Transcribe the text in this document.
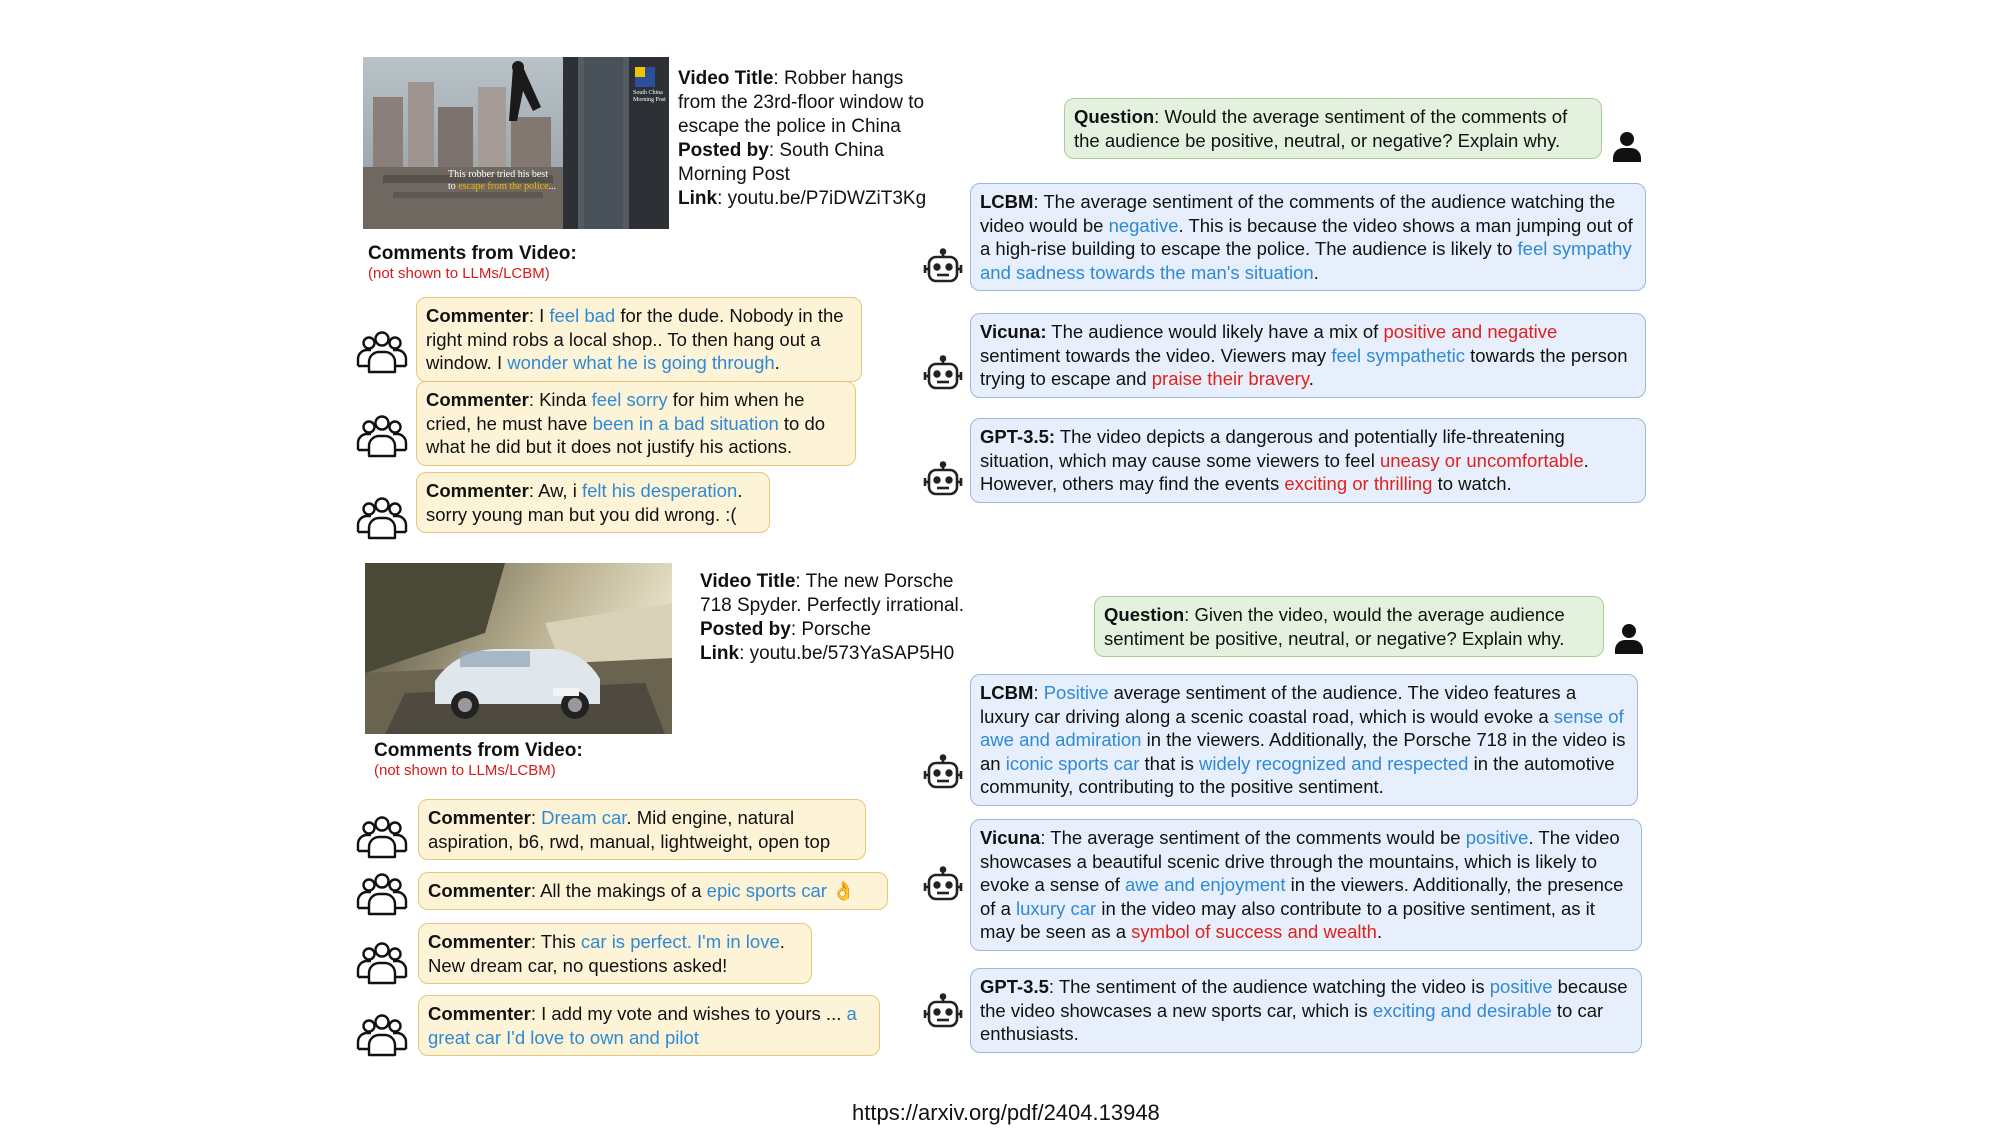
South China Morning Post
This robber tried his best
to escape from the police...
Video Title: Robber hangs from the 23rd-floor window to escape the police in China
Posted by: South China Morning Post
Link: youtu.be/P7iDWZiT3Kg
Comments from Video:
(not shown to LLMs/LCBM)
Commenter: I feel bad for the dude. Nobody in the right mind robs a local shop.. To then hang out a window. I wonder what he is going through.
Commenter: Kinda feel sorry for him when he cried, he must have been in a bad situation to do what he did but it does not justify his actions.
Commenter: Aw, i felt his desperation. sorry young man but you did wrong. :(
Question: Would the average sentiment of the comments of the audience be positive, neutral, or negative? Explain why.
LCBM: The average sentiment of the comments of the audience watching the video would be negative. This is because the video shows a man jumping out of a high-rise building to escape the police. The audience is likely to feel sympathy and sadness towards the man's situation.
Vicuna: The audience would likely have a mix of positive and negative sentiment towards the video. Viewers may feel sympathetic towards the person trying to escape and praise their bravery.
GPT-3.5: The video depicts a dangerous and potentially life-threatening situation, which may cause some viewers to feel uneasy or uncomfortable. However, others may find the events exciting or thrilling to watch.
Video Title: The new Porsche 718 Spyder. Perfectly irrational.
Posted by: Porsche
Link: youtu.be/573YaSAP5H0
Comments from Video:
(not shown to LLMs/LCBM)
Commenter: Dream car. Mid engine, natural aspiration, b6, rwd, manual, lightweight, open top
Commenter: All the makings of a epic sports car 👌
Commenter: This car is perfect. I'm in love. New dream car, no questions asked!
Commenter: I add my vote and wishes to yours ... a great car I'd love to own and pilot
Question: Given the video, would the average audience sentiment be positive, neutral, or negative? Explain why.
LCBM: Positive average sentiment of the audience. The video features a luxury car driving along a scenic coastal road, which is would evoke a sense of awe and admiration in the viewers. Additionally, the Porsche 718 in the video is an iconic sports car that is widely recognized and respected in the automotive community, contributing to the positive sentiment.
Vicuna: The average sentiment of the comments would be positive. The video showcases a beautiful scenic drive through the mountains, which is likely to evoke a sense of awe and enjoyment in the viewers. Additionally, the presence of a luxury car in the video may also contribute to a positive sentiment, as it may be seen as a symbol of success and wealth.
GPT-3.5: The sentiment of the audience watching the video is positive because the video showcases a new sports car, which is exciting and desirable to car enthusiasts.
https://arxiv.org/pdf/2404.13948
